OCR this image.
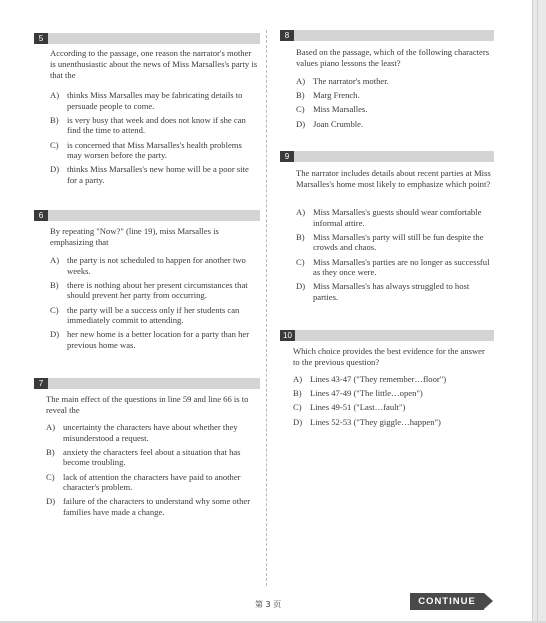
5
According to the passage, one reason the narrator's mother is unenthusiastic about the news of Miss Marsalles's party is that the
A) thinks Miss Marsalles may be fabricating details to persuade people to come.
B) is very busy that week and does not know if she can find the time to attend.
C) is concerned that Miss Marsalles's health problems may worsen before the party.
D) thinks Miss Marsalles's new home will be a poor site for a party.
6
By repeating "Now?" (line 19), miss Marsalles is emphasizing that
A) the party is not scheduled to happen for another two weeks.
B) there is nothing about her present circumstances that should prevent her party from occurring.
C) the party will be a success only if her students can immediately commit to attending.
D) her new home is a better location for a party than her previous home was.
7
The main effect of the questions in line 59 and line 66 is to reveal the
A) uncertainty the characters have about whether they misunderstood a request.
B) anxiety the characters feel about a situation that has become troubling.
C) lack of attention the characters have paid to another character's problem.
D) failure of the characters to understand why some other families have made a change.
8
Based on the passage, which of the following characters values piano lessons the least?
A) The narrator's mother.
B) Marg French.
C) Miss Marsalles.
D) Joan Crumble.
9
The narrator includes details about recent parties at Miss Marsalles's home most likely to emphasize which point?
A) Miss Marsalles's guests should wear comfortable informal attire.
B) Miss Marsalles's party will still be fun despite the crowds and chaos.
C) Miss Marsalles's parties are no longer as successful as they once were.
D) Miss Marsalles's has always struggled to host parties.
10
Which choice provides the best evidence for the answer to the previous question?
A) Lines 43-47 ("They remember…floor")
B) Lines 47-49 ("The little…open")
C) Lines 49-51 ("Last…fault")
D) Lines 52-53 ("They giggle…happen")
第 3 页	CONTINUE
